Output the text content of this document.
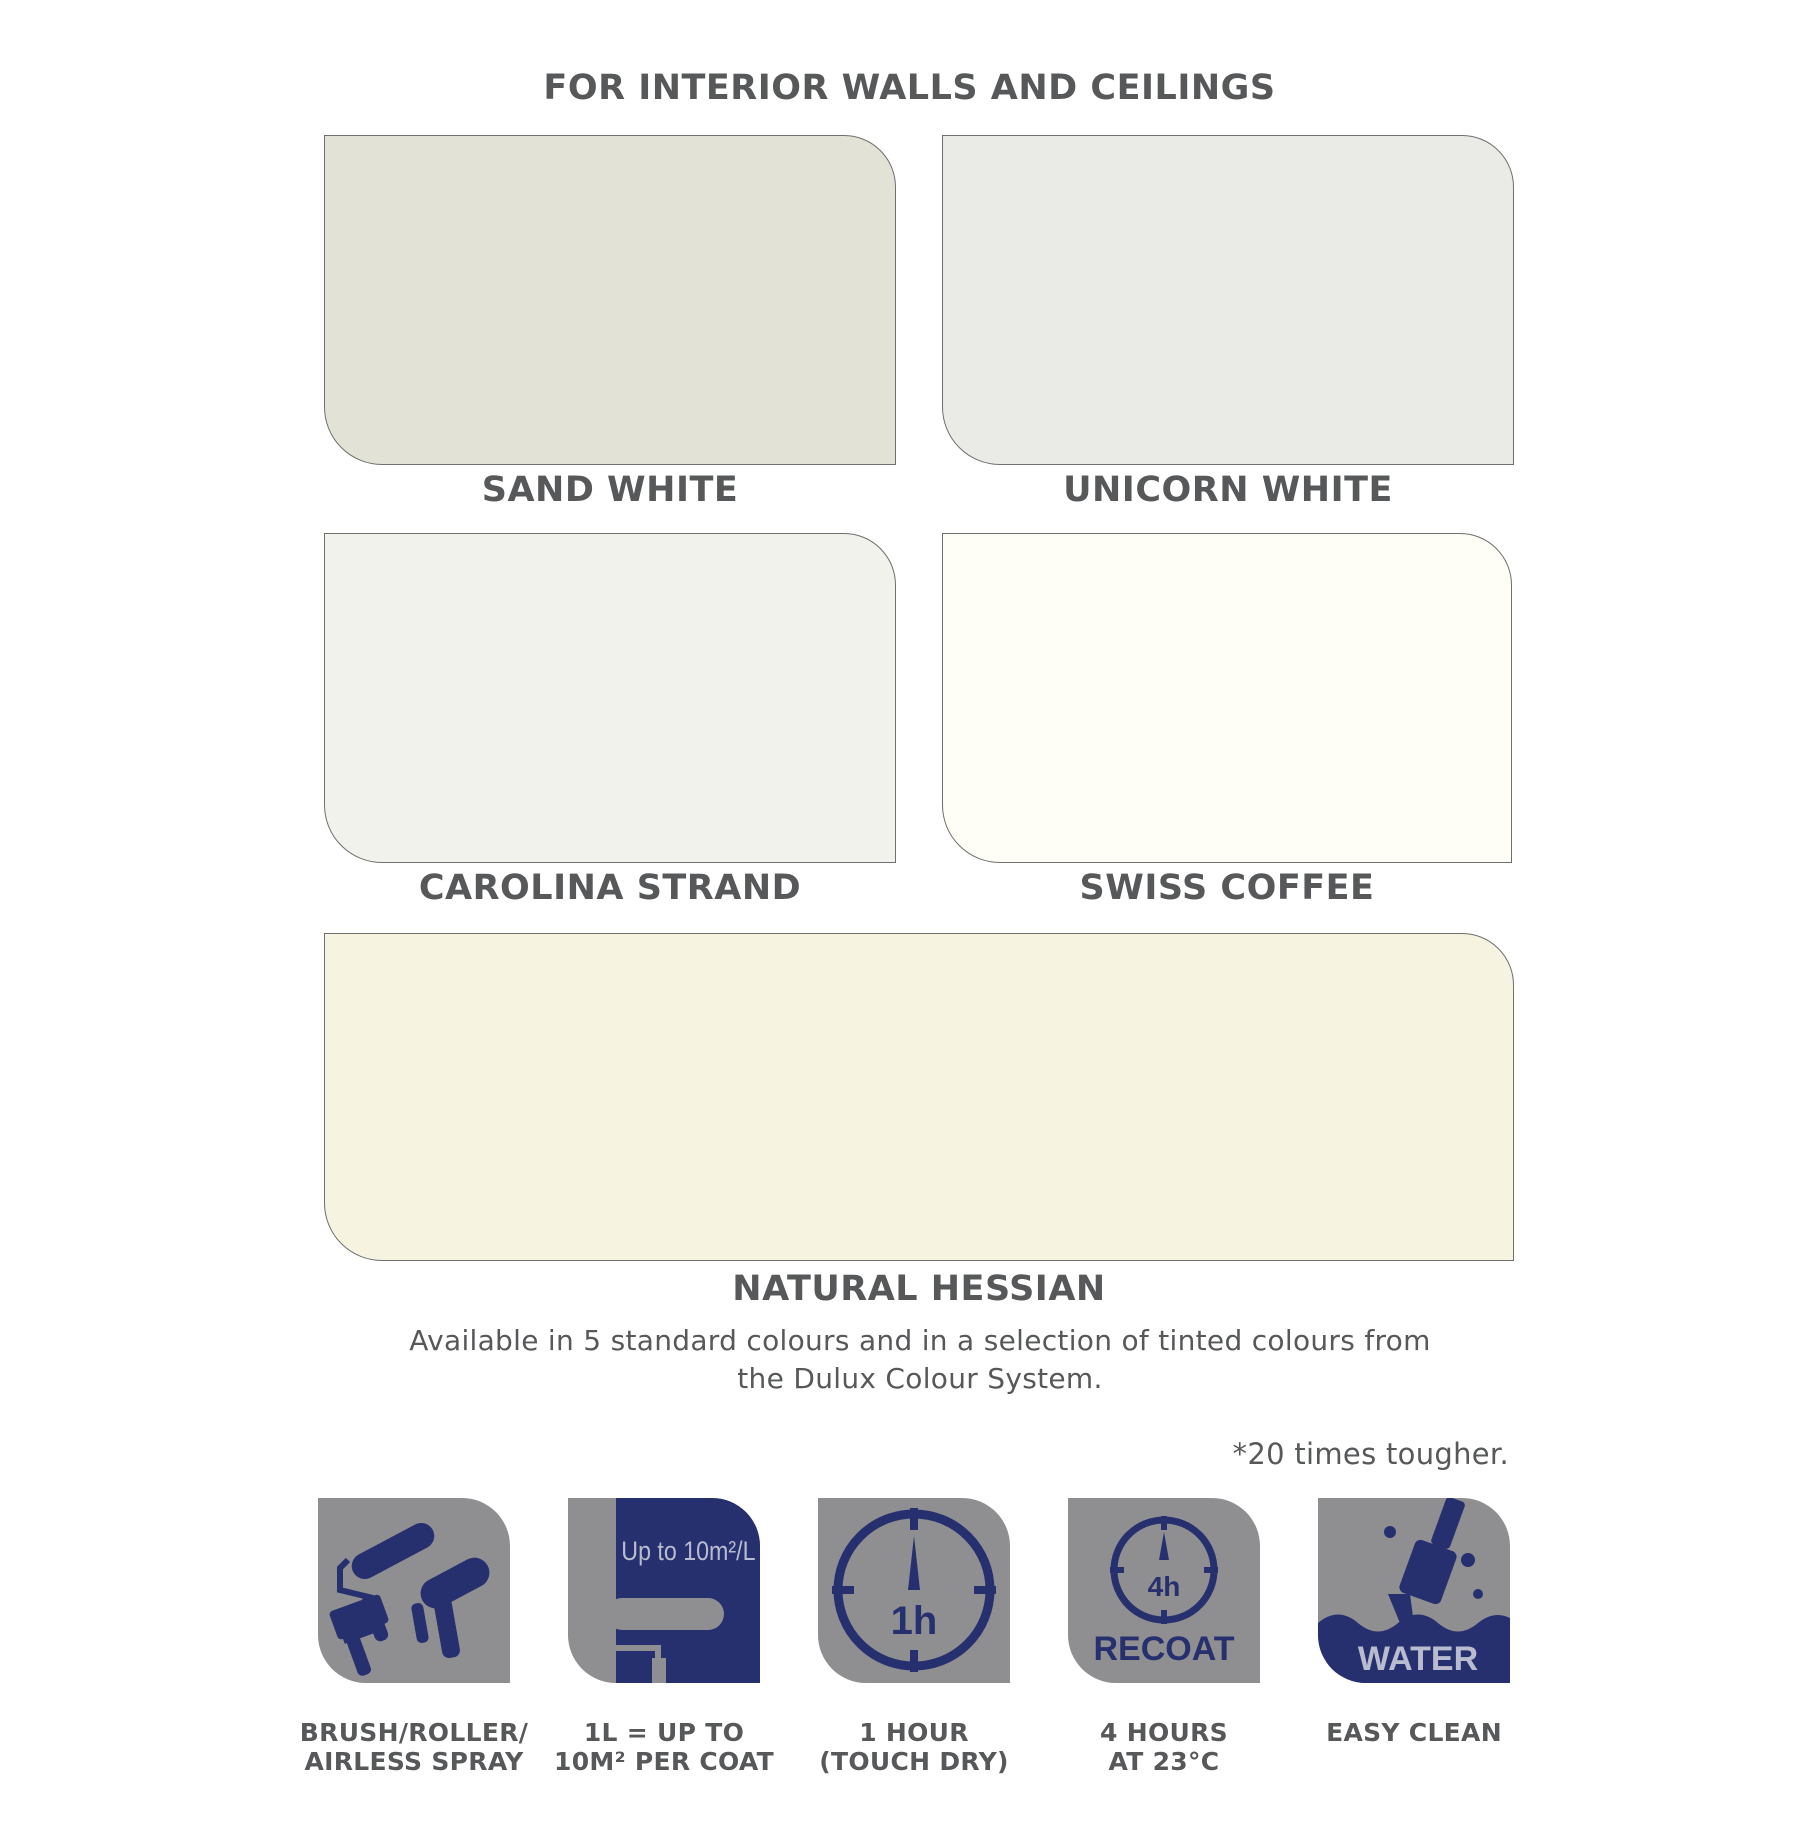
FOR INTERIOR WALLS AND CEILINGS
SAND WHITE	UNICORN WHITE
CAROLINA STRAND	SWISS COFFEE
NATURAL HESSIAN
Available in 5 standard colours and in a selection of tinted colours from
the Dulux Colour System.
*20 times tougher.
BRUSH/ROLLER/
AIRLESS SPRAY
Up to 10m²/L
1L = UP TO
10M² PER COAT
1h
1 HOUR
(TOUCH DRY)
4h
RECOAT
4 HOURS
AT 23°C
WATER
EASY CLEAN
